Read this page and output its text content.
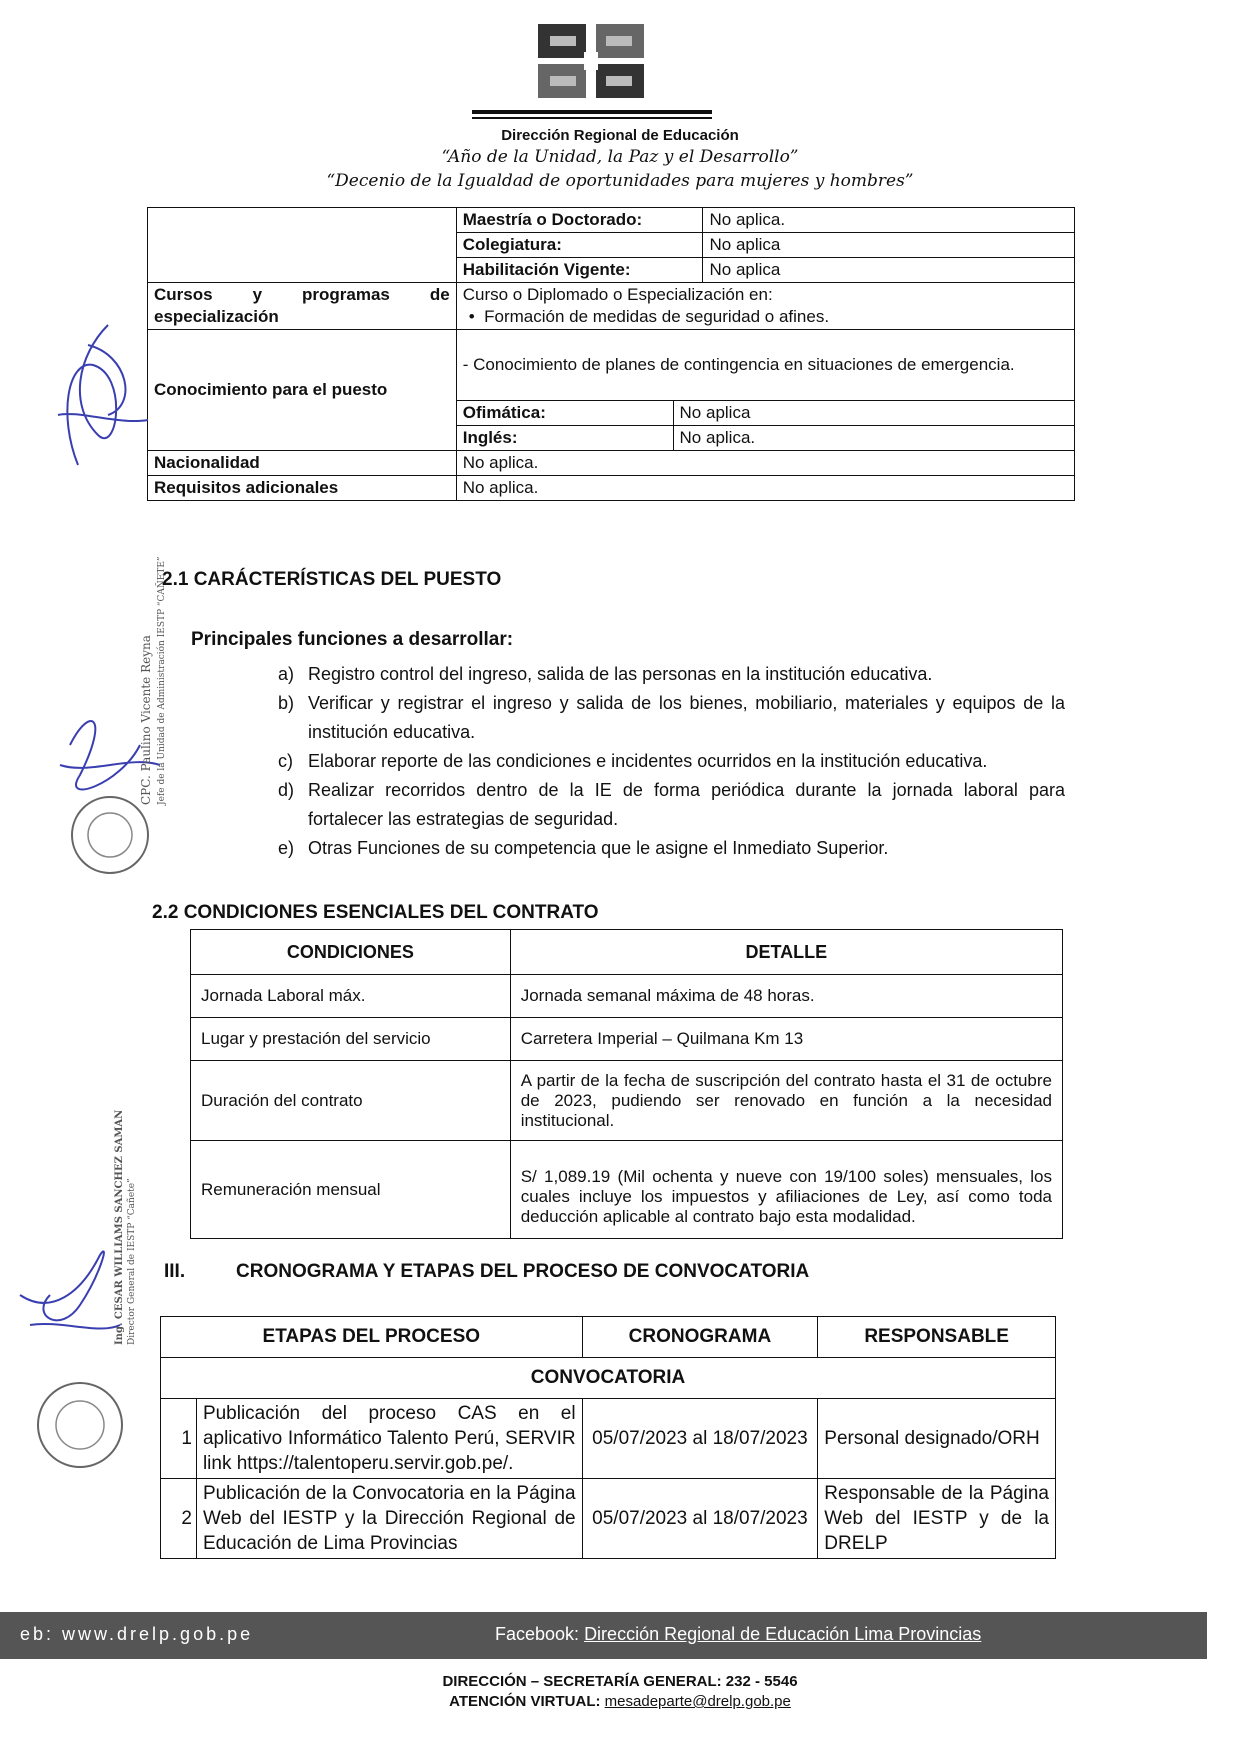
Dirección Regional de Educación
“Año de la Unidad, la Paz y el Desarrollo”
“Decenio de la Igualdad de oportunidades para mujeres y hombres”
	Maestría o Doctorado:		No aplica.
	Colegiatura:		No aplica
	Habilitación Vigente:		No aplica
Cursos y programas de especialización	Curso o Diplomado o Especialización en:
•  Formación de medidas de seguridad o afines.		

Conocimiento para el puesto	- Conocimiento de planes de contingencia en situaciones de emergencia.		
	Ofimática:	No aplica	
	Inglés:	No aplica.	
Nacionalidad	No aplica.		
Requisitos adicionales	No aplica.		
2.1 CARÁCTERÍSTICAS DEL PUESTO
Principales funciones a desarrollar:
a) Registro control del ingreso, salida de las personas en la institución educativa.
b) Verificar y registrar el ingreso y salida de los bienes, mobiliario, materiales y equipos de la institución educativa.
c) Elaborar reporte de las condiciones e incidentes ocurridos en la institución educativa.
d) Realizar recorridos dentro de la IE de forma periódica durante la jornada laboral para fortalecer las estrategias de seguridad.
e) Otras Funciones de su competencia que le asigne el Inmediato Superior.
2.2 CONDICIONES ESENCIALES DEL CONTRATO
CONDICIONES	DETALLE
Jornada Laboral máx.	Jornada semanal máxima de 48 horas.
Lugar y prestación del servicio	Carretera Imperial – Quilmana Km 13
Duración del contrato	A partir de la fecha de suscripción del contrato hasta el 31 de octubre de 2023, pudiendo ser renovado en función a la necesidad institucional.
Remuneración mensual	S/ 1,089.19 (Mil ochenta y nueve con 19/100 soles) mensuales, los cuales incluye los impuestos y afiliaciones de Ley, así como toda deducción aplicable al contrato bajo esta modalidad.
III.	CRONOGRAMA Y ETAPAS DEL PROCESO DE CONVOCATORIA
ETAPAS DEL PROCESO		CRONOGRAMA	RESPONSABLE
CONVOCATORIA			
1	Publicación del proceso CAS en el aplicativo Informático Talento Perú, SERVIR link https://talentoperu.servir.gob.pe/.	05/07/2023 al 18/07/2023	Personal designado/ORH
2	Publicación de la Convocatoria en la Página Web del IESTP y la Dirección Regional de Educación de Lima Provincias	05/07/2023 al 18/07/2023	Responsable de la Página Web del IESTP y de la DRELP
CPC. Paulino Vicente Reyna Jefe de la Unidad de Administración IESTP “CAÑETE”
Ing. CESAR WILLIAMS SANCHEZ SAMAN Director General de IESTP “Cañete”
eb: www.drelp.gob.pe	Facebook: Dirección Regional de Educación Lima Provincias
DIRECCIÓN – SECRETARÍA GENERAL: 232 - 5546
ATENCIÓN VIRTUAL: mesadeparte@drelp.gob.pe
